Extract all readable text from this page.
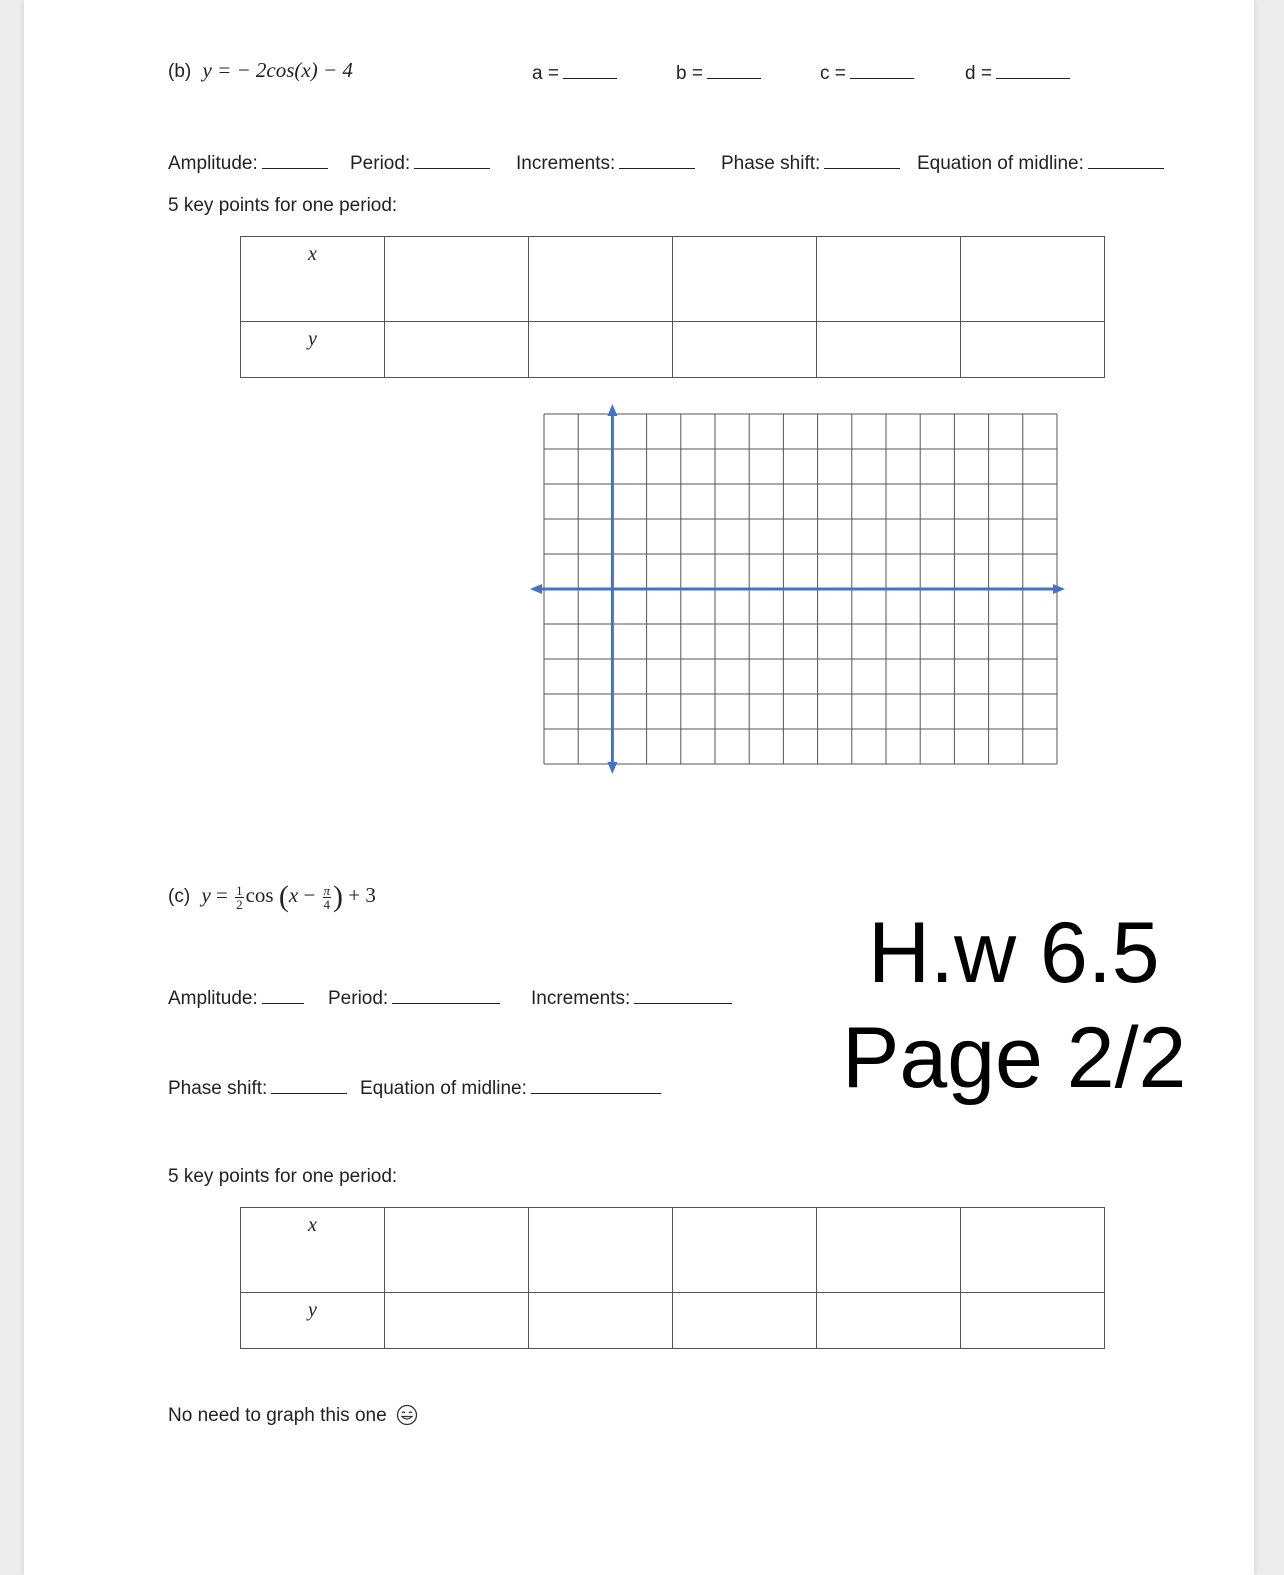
(b) y = − 2cos(x) − 4	a =	b =	c =	d =
Amplitude:	Period:	Increments:	Phase shift:	Equation of midline:
5 key points for one period:
x					

y					

(c) $y = \frac{1}{2}$ $\cos (x - \frac{\pi}{4}$ ) + 3
Amplitude:	Period:	Increments:
Phase shift:	Equation of midline:
5 key points for one period:
x					

y					

No need to graph this one
H.w 6.5
Page 2/2
